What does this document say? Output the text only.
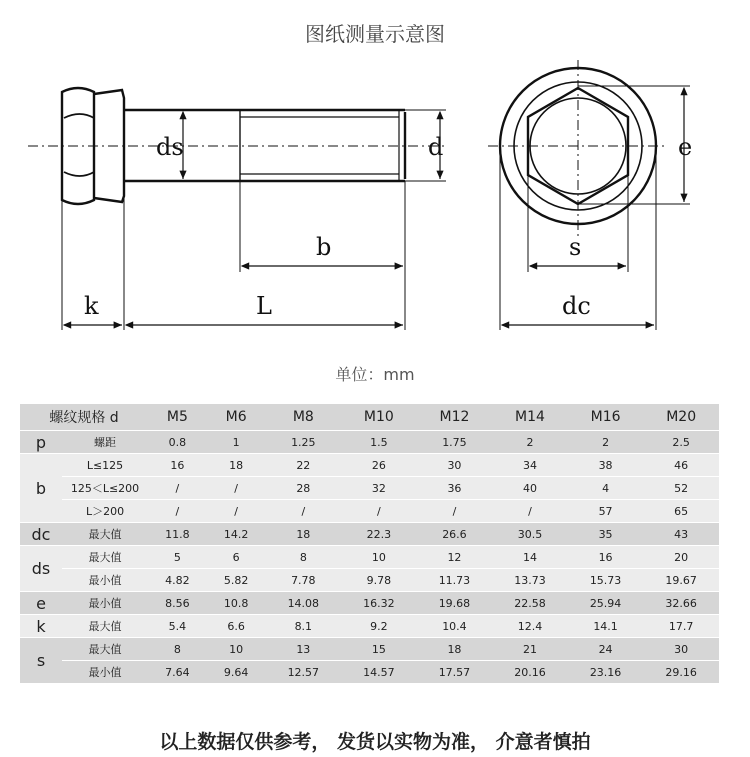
图纸测量示意图
ds	d
b
k	L
e
s
dc
单位：mm
螺纹规格 d		M5	M6	M8	M10	M12	M14	M16	M20
p	螺距	0.8	1	1.25	1.5	1.75	2	2	2.5
b	L≤125	16	18	22	26	30	34	38	46
	125＜L≤200	/	/	28	32	36	40	4	52
	L＞200	/	/	/	/	/	/	57	65
dc	最大值	11.8	14.2	18	22.3	26.6	30.5	35	43
ds	最大值	5	6	8	10	12	14	16	20
	最小值	4.82	5.82	7.78	9.78	11.73	13.73	15.73	19.67
e	最小值	8.56	10.8	14.08	16.32	19.68	22.58	25.94	32.66
k	最大值	5.4	6.6	8.1	9.2	10.4	12.4	14.1	17.7
s	最大值	8	10	13	15	18	21	24	30
	最小值	7.64	9.64	12.57	14.57	17.57	20.16	23.16	29.16
以上数据仅供参考， 发货以实物为准， 介意者慎拍
